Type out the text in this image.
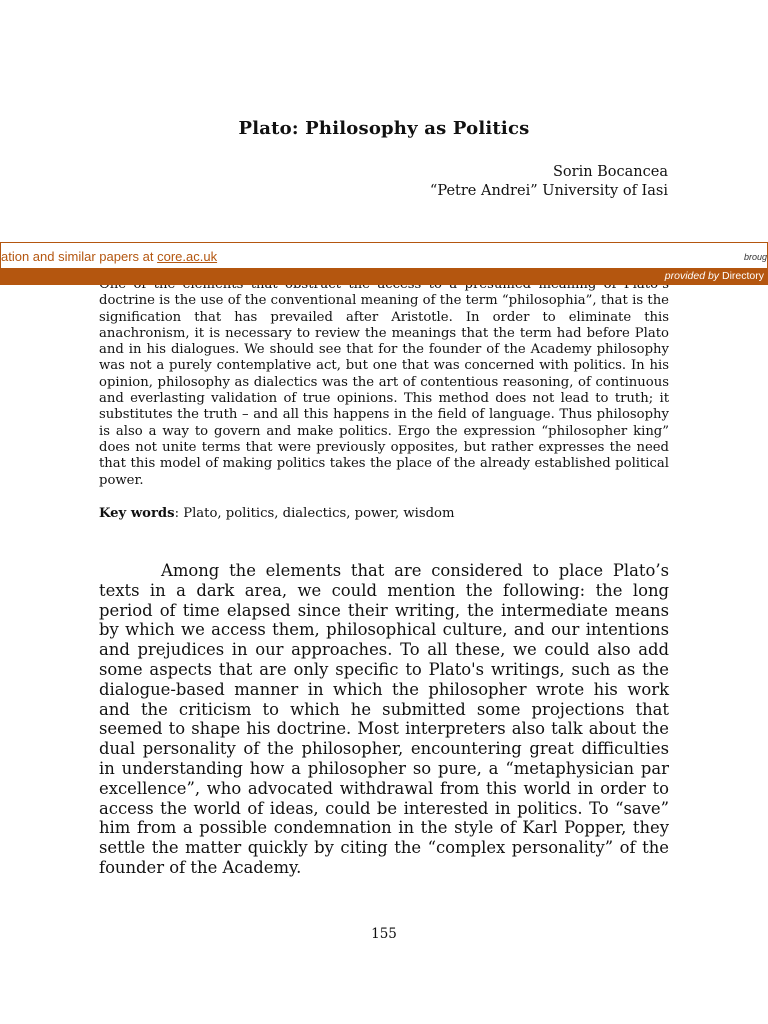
Plato: Philosophy as Politics
Sorin Bocancea
“Petre Andrei” University of Iasi

doctrine is the use of the conventional meaning of the term “philosophia”, that is the signification that has prevailed after Aristotle. In order to eliminate this anachronism, it is necessary to review the meanings that the term had before Plato and in his dialogues. We should see that for the founder of the Academy philosophy was not a purely contemplative act, but one that was concerned with politics. In his opinion, philosophy as dialectics was the art of contentious reasoning, of continuous and everlasting validation of true opinions. This method does not lead to truth; it substitutes the truth – and all this happens in the field of language. Thus philosophy is also a way to govern and make politics. Ergo the expression “philosopher king” does not unite terms that were previously opposites, but rather expresses the need that this model of making politics takes the place of the already established political power.

ation and similar papers at core.ac.uk	broug
provided by Directory

Key words: Plato, politics, dialectics, power, wisdom

Among the elements that are considered to place Plato’s texts in a dark area, we could mention the following: the long period of time elapsed since their writing, the intermediate means by which we access them, philosophical culture, and our intentions and prejudices in our approaches. To all these, we could also add some aspects that are only specific to Plato's writings, such as the dialogue-based manner in which the philosopher wrote his work and the criticism to which he submitted some projections that seemed to shape his doctrine. Most interpreters also talk about the dual personality of the philosopher, encountering great difficulties in understanding how a philosopher so pure, a “metaphysician par excellence”, who advocated withdrawal from this world in order to access the world of ideas, could be interested in politics. To “save” him from a possible condemnation in the style of Karl Popper, they settle the matter quickly by citing the “complex personality” of the founder of the Academy.

155
